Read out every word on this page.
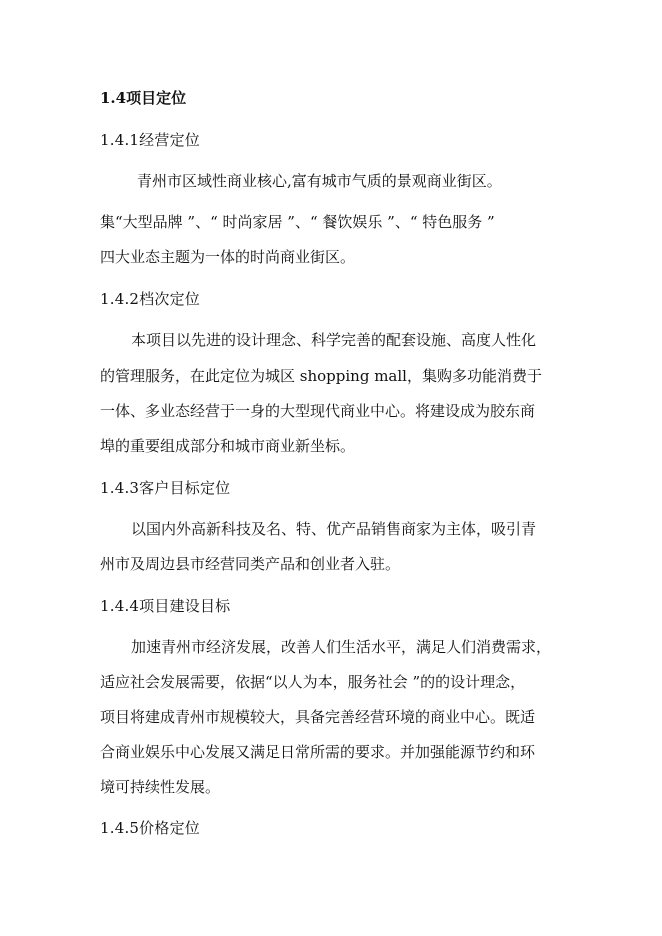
1.4项目定位
1.4.1经营定位
青州市区域性商业核心,富有城市气质的景观商业街区。
集“大型品牌 ”、“ 时尚家居 ”、“ 餐饮娱乐 ”、“ 特色服务 ”
四大业态主题为一体的时尚商业街区。
1.4.2档次定位
本项目以先进的设计理念、科学完善的配套设施、高度人性化
的管理服务，在此定位为城区 shopping mall，集购多功能消费于
一体、多业态经营于一身的大型现代商业中心。将建设成为胶东商
埠的重要组成部分和城市商业新坐标。
1.4.3客户目标定位
以国内外高新科技及名、特、优产品销售商家为主体，吸引青
州市及周边县市经营同类产品和创业者入驻。
1.4.4项目建设目标
加速青州市经济发展，改善人们生活水平，满足人们消费需求，
适应社会发展需要，依据“以人为本，服务社会 ”的的设计理念，
项目将建成青州市规模较大，具备完善经营环境的商业中心。既适
合商业娱乐中心发展又满足日常所需的要求。并加强能源节约和环
境可持续性发展。
1.4.5价格定位
